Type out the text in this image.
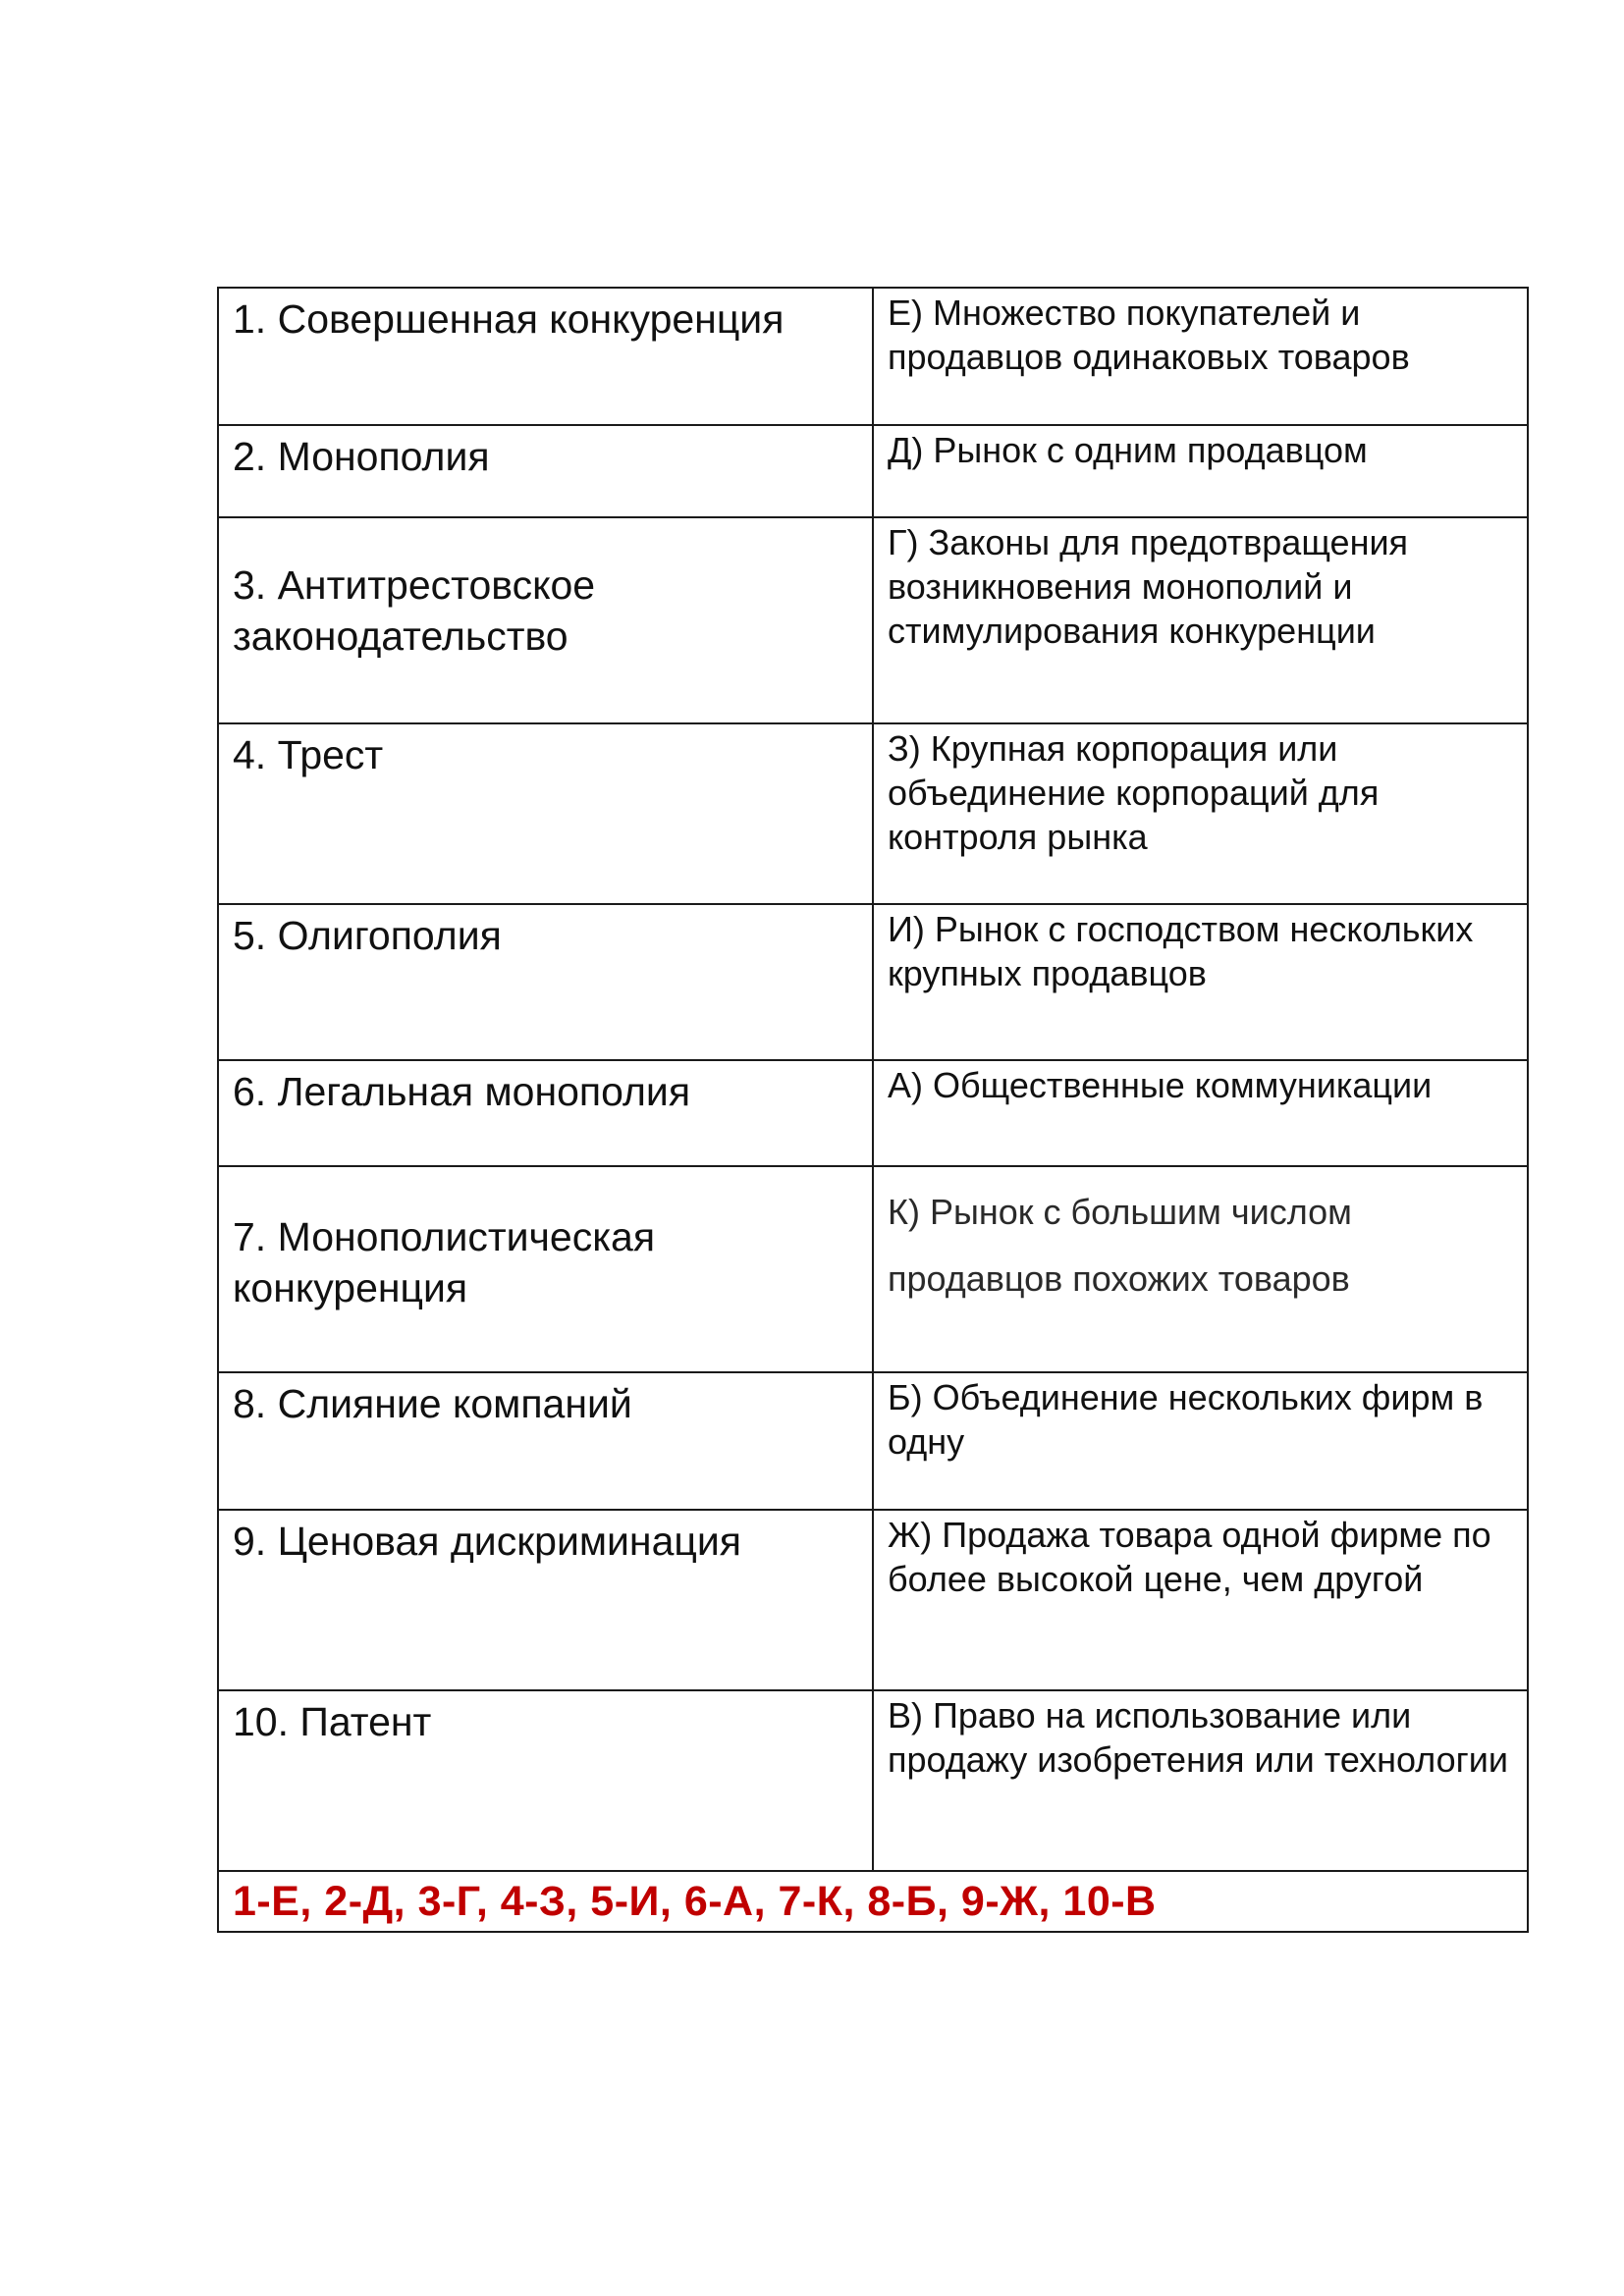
1. Совершенная конкуренция	Е) Множество покупателей и продавцов одинаковых товаров

2. Монополия	Д) Рынок с одним продавцом

3. Антитрестовское законодательство	Г) Законы для предотвращения возникновения монополий и стимулирования конкуренции

4. Трест	З) Крупная корпорация или объединение корпораций для контроля рынка

5. Олигополия	И) Рынок с господством нескольких крупных продавцов

6. Легальная монополия	А) Общественные коммуникации

7. Монополистическая конкуренция	К) Рынок с большим числом продавцов похожих товаров

8. Слияние компаний	Б) Объединение нескольких фирм в одну

9. Ценовая дискриминация	Ж) Продажа товара одной фирме по более высокой цене, чем другой

10. Патент	В) Право на использование или продажу изобретения или технологии

1-Е, 2-Д, 3-Г, 4-З, 5-И, 6-А, 7-К, 8-Б, 9-Ж, 10-В	
